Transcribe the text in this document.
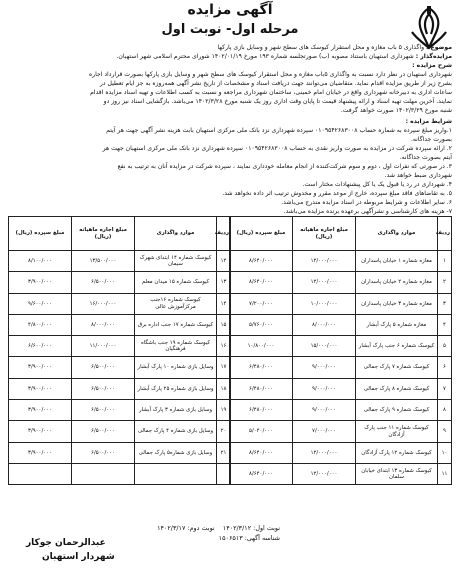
آگهی مزایده
مرحله اول- نوبت اول
موضوع : واگذاری ۵ باب مغازه و محل استقرار کیوسک های سطح شهر و وسایل بازی پارکها
مزایده‌گذار : شهرداری استهبان باستناد مصوبه (ب) صورتجلسه شماره ۱۹۳ مورخ ۱۴۰۲/۰۱/۱۹ شورای محترم اسلامی شهر استهبان.
شرح مزایده :
شهرداری استهبان در نظر دارد نسبت به واگذاری ۵باب مغازه و محل استقرار کیوسک های سطح شهر و وسایل بازی پارکها بصورت قرارداد اجاره
بشرح زیر از طریق مزایده اقدام نماید. متقاضیان می‌توانند جهت دریافت اسناد و مشخصات از تاریخ نشر آگهی همه‌روزه به جز ایام تعطیل در
ساعات اداری به دبیرخانه شهرداری واقع در خیابان امام خمینی، ساختمان شهرداری مراجعه و نسبت به کسب اطلاعات و تهیه اسناد مزایده اقدام
نمایند. آخرین مهلت تهیه اسناد و ارائه پیشنهاد قیمت تا پایان وقت اداری روز یک شنبه مورخ ۱۴۰۲/۳/۲۸ می‌باشد. بازگشایی اسناد نیز روز دو
شنبه مورخ ۱۴۰۲/۳/۲۹ صورت خواهد گرفت.
شرایط مزایده :
۱.واریز مبلغ سپرده به شماره حساب ۰۱۰۹۵۴۲۶۸۳۰۰۸ سپرده شهرداری نزد بانک ملی مرکزی استهبان بابت هزینه نشر آگهی جهت هر آیتم
بصورت جداگانه.
۲. ارائه سپرده شرکت در مزایده به صورت واریز نقدی به حساب ۰۱۰۹۵۴۲۶۸۳۰۰۸ سپرده شهرداری نزد بانک ملی مرکزی استهبان جهت هر
آیتم بصورت جداگانه.
۳. در صورتی که نفرات اول ، دوم و سوم شرکت‌کننده از انجام معامله خودداری نمایند ، سپرده شرکت در مزایده آنان به ترتیب به نفع
شهرداری ضبط خواهد شد.
۴. شهرداری در رد یا قبول یک یا کل پیشنهادات مختار است.
۵. به تقاضاهای فاقد مبلغ سپرده، خارج از موعد مقرر و مخدوش ترتیب اثر داده نخواهد شد.
۶. سایر اطلاعات و شرایط مربوطه در اسناد مزایده مندرج می‌باشد.
۷- هزینه های کارشناسی و نشرآگهی برعهده برنده مزایده می‌باشد.
ردیف	موارد واگذاری	مبلغ اجاره ماهیانه (ریال)	مبلغ سپرده (ریال)
۱	مغازه شماره ۱ خیابان پاسداران	۱۲/۰۰۰/۰۰۰	۸/۶۴۰/۰۰۰
۲	مغازه شماره ۲ خیابان پاسداران	۱۲/۰۰۰/۰۰۰	۸/۶۴۰/۰۰۰
۳	مغازه شماره ۳ خیابان پاسداران	۱۰/۰۰۰/۰۰۰	۷/۲۰۰/۰۰۰
۴	مغازه شماره ۵ پارک آبشار	۸/۰۰۰/۰۰۰	۵/۷۶۰/۰۰۰
۵	کیوسک شماره ۶ جنب پارک آبشار	۱۵/۰۰۰/۰۰۰	۱۰/۸۰۰/۰۰۰
۶	کیوسک شماره ۷ پارک جمالی	۹/۰۰۰/۰۰۰	۶/۴۸۰/۰۰۰
۷	کیوسک شماره ۸ پارک جمالی	۹/۰۰۰/۰۰۰	۶/۴۸۰/۰۰۰
۸	کیوسک شماره ۹ پارک جمالی	۹/۰۰۰/۰۰۰	۶/۴۸۰/۰۰۰
۹	کیوسک شماره ۱۱ جنب پارک آزادگان	۷/۰۰۰/۰۰۰	۵/۰۴۰/۰۰۰
۱۰	کیوسک شماره ۱۲ پارک آزادگان	۱۲/۰۰۰/۰۰۰	۸/۶۴۰/۰۰۰
۱۱	کیوسک شماره ۱۳ ابتدای خیابان سلمان	۱۲/۰۰۰/۰۰۰	۸/۶۴۰/۰۰۰
ردیف	موارد واگذاری	مبلغ اجاره ماهیانه (ریال)	مبلغ سپرده (ریال)
۱۲	کیوسک شماره ۱۴ ابتدای شهرک سیمان	۱۳/۵۰۰/۰۰۰	۸/۱۰۰/۰۰۰
۱۳	کیوسک شماره ۱۵ میدان معلم	۶/۵۰۰/۰۰۰	۳/۹۰۰/۰۰۰
۱۴	کیوسک شماره ۱۶جنب مرکزآموزش عالی	۱۶/۰۰۰/۰۰۰	۹/۶۰۰/۰۰۰
۱۵	کیوسک شماره ۱۷ جنب اداره برق	۸/۰۰۰/۰۰۰	۴/۸۰۰/۰۰۰
۱۶	کیوسک شماره ۱۹ جنب باشگاه فرهنگیان	۱۱/۰۰۰/۰۰۰	۶/۶۰۰/۰۰۰
۱۷	وسایل بازی شماره ۱۰ پارک آبشار	۶/۵۰۰/۰۰۰	۳/۹۰۰/۰۰۰
۱۸	وسایل بازی شماره ۲۵ پارک آبشار	۶/۵۰۰/۰۰۰	۳/۹۰۰/۰۰۰
۱۹	وسایل بازی شماره ۳ پارک آبشار	۶/۵۰۰/۰۰۰	۳/۹۰۰/۰۰۰
۲۰	وسایل بازی شماره ۴ پارک جمالی	۶/۵۰۰/۰۰۰	۳/۹۰۰/۰۰۰
۲۱	وسایل بازی شماره۵ پارک جمالی	۶/۵۰۰/۰۰۰	۳/۹۰۰/۰۰۰

نوبت اول: ۱۴۰۲/۳/۱۲    نوبت دوم: ۱۴۰۲/۳/۱۷
شناسه آگهی: ۱۵۰۶۵۱۳
عبدالرحمان جوکار
شهردار استهبان
